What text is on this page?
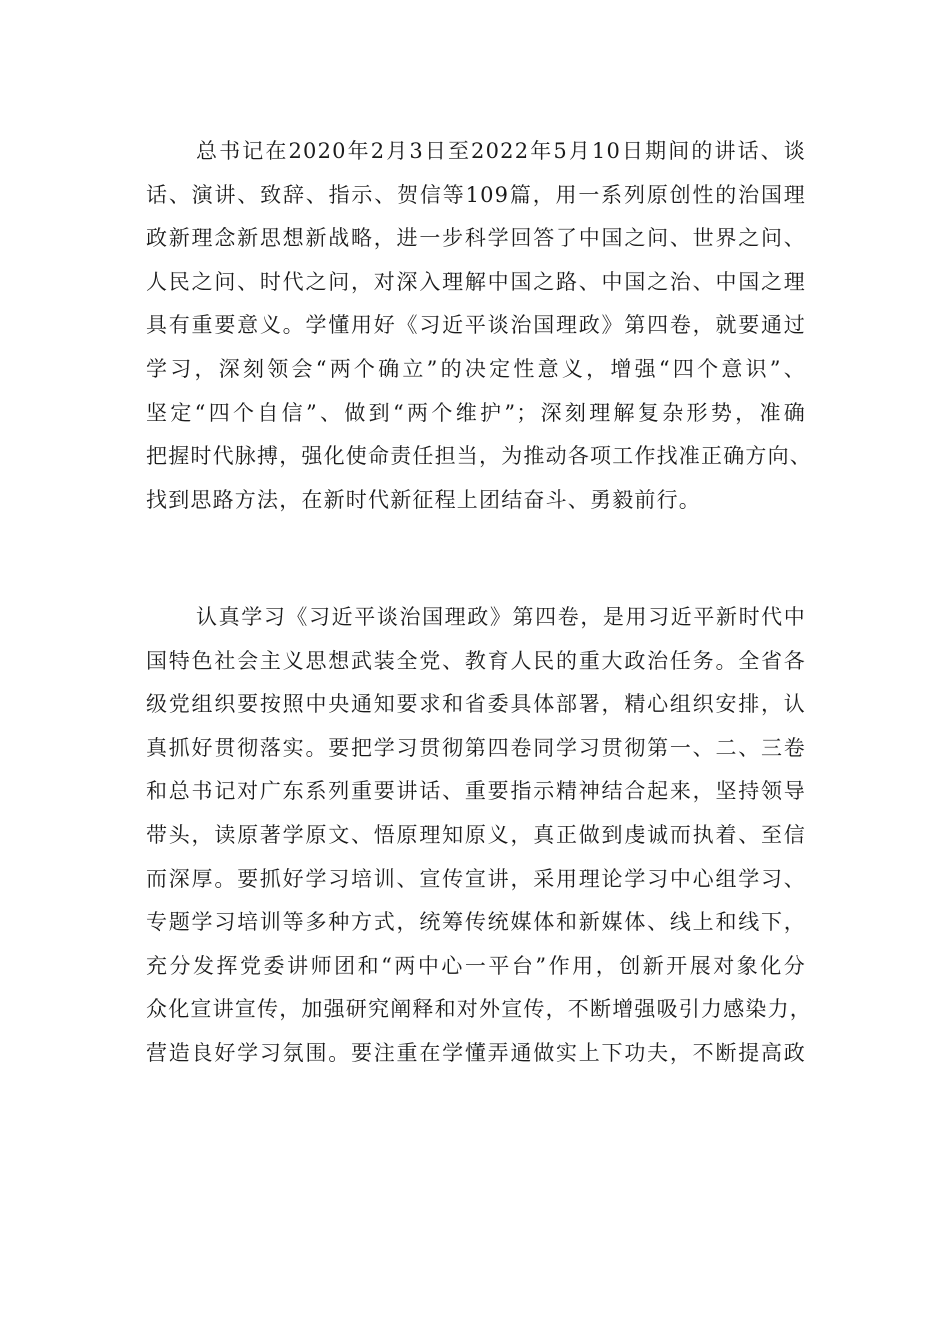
总书记在2020年2月3日至2022年5月10日期间的讲话、谈
话、演讲、致辞、指示、贺信等109篇，用一系列原创性的治国理
政新理念新思想新战略，进一步科学回答了中国之问、世界之问、
人民之问、时代之问，对深入理解中国之路、中国之治、中国之理
具有重要意义。学懂用好《习近平谈治国理政》第四卷，就要通过
学习，深刻领会“两个确立”的决定性意义，增强“四个意识”、
坚定“四个自信”、做到“两个维护”；深刻理解复杂形势，准确
把握时代脉搏，强化使命责任担当，为推动各项工作找准正确方向、
找到思路方法，在新时代新征程上团结奋斗、勇毅前行。
认真学习《习近平谈治国理政》第四卷，是用习近平新时代中
国特色社会主义思想武装全党、教育人民的重大政治任务。全省各
级党组织要按照中央通知要求和省委具体部署，精心组织安排，认
真抓好贯彻落实。要把学习贯彻第四卷同学习贯彻第一、二、三卷
和总书记对广东系列重要讲话、重要指示精神结合起来，坚持领导
带头，读原著学原文、悟原理知原义，真正做到虔诚而执着、至信
而深厚。要抓好学习培训、宣传宣讲，采用理论学习中心组学习、
专题学习培训等多种方式，统筹传统媒体和新媒体、线上和线下，
充分发挥党委讲师团和“两中心一平台”作用，创新开展对象化分
众化宣讲宣传，加强研究阐释和对外宣传，不断增强吸引力感染力，
营造良好学习氛围。要注重在学懂弄通做实上下功夫，不断提高政
